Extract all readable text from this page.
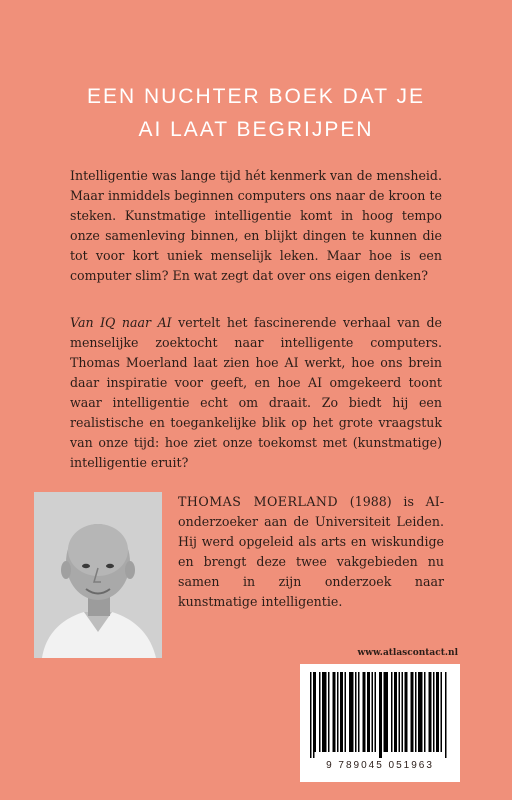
EEN NUCHTER BOEK DAT JE
AI LAAT BEGRIJPEN

Intelligentie was lange tijd hét kenmerk van de mensheid. Maar inmiddels beginnen computers ons naar de kroon te steken. Kunstmatige intelligentie komt in hoog tempo onze samenleving binnen, en blijkt dingen te kunnen die tot voor kort uniek menselijk leken. Maar hoe is een computer slim? En wat zegt dat over ons eigen denken?

Van IQ naar AI vertelt het fascinerende verhaal van de menselijke zoektocht naar intelligente computers. Thomas Moerland laat zien hoe AI werkt, hoe ons brein daar inspiratie voor geeft, en hoe AI omgekeerd toont waar intelligentie echt om draait. Zo biedt hij een realistische en toegankelijke blik op het grote vraagstuk van onze tijd: hoe ziet onze toekomst met (kunstmatige) intelligentie eruit?

THOMAS MOERLAND (1988) is AI-onderzoeker aan de Universiteit Leiden. Hij werd opgeleid als arts en wiskundige en brengt deze twee vakgebieden nu samen in zijn onderzoek naar kunstmatige intelligentie.

www.atlascontact.nl
9 789045 051963
